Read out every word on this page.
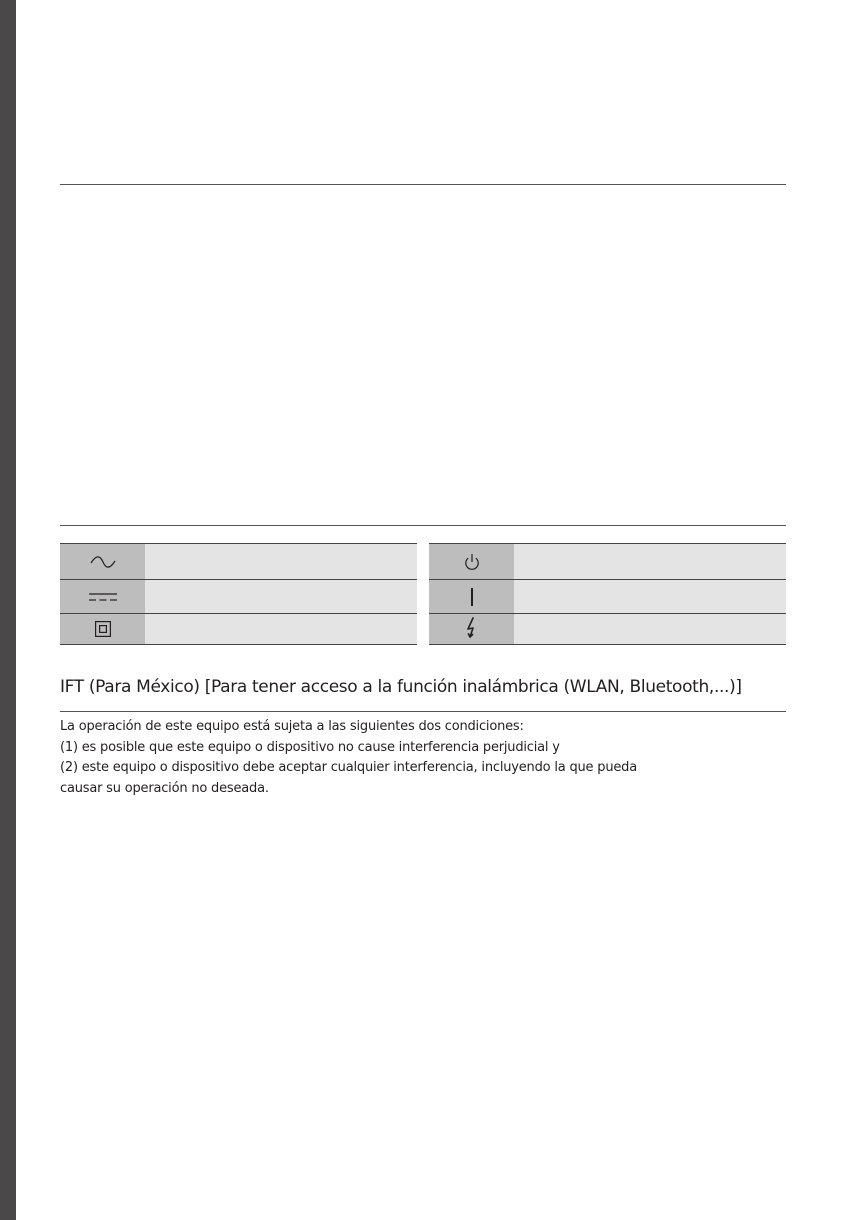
IFT (Para México) [Para tener acceso a la función inalámbrica (WLAN, Bluetooth,...)]

La operación de este equipo está sujeta a las siguientes dos condiciones:

(1) es posible que este equipo o dispositivo no cause interferencia perjudicial y

(2) este equipo o dispositivo debe aceptar cualquier interferencia, incluyendo la que pueda

causar su operación no deseada.
